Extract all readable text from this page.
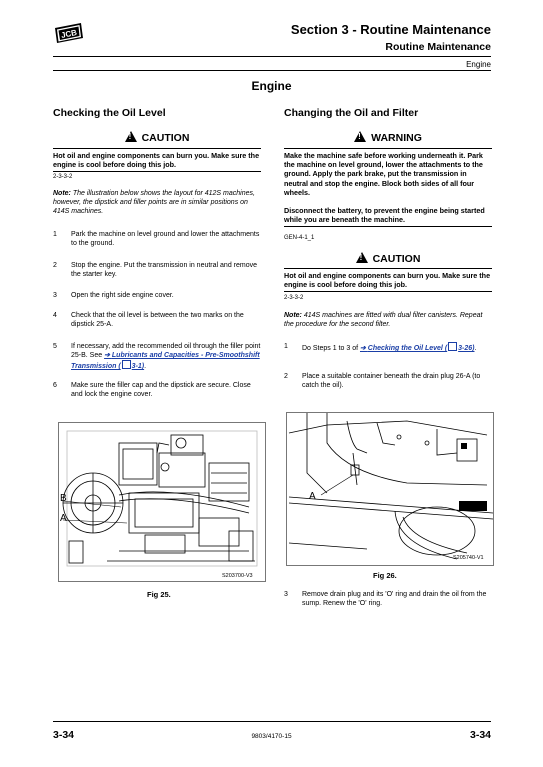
JCB	Section 3 - Routine Maintenance
Routine Maintenance
Engine
Engine
Checking the Oil Level
!CAUTION
Hot oil and engine components can burn you. Make sure the engine is cool before doing this job.
2-3-3-2
Note: The illustration below shows the layout for 412S machines, however, the dipstick and filler points are in similar positions on 414S machines.
1 Park the machine on level ground and lower the attachments to the ground.
2 Stop the engine. Put the transmission in neutral and remove the starter key.
3 Open the right side engine cover.
4 Check that the oil level is between the two marks on the dipstick 25-A.
5 If necessary, add the recommended oil through the filler point 25-B. See ➔ Lubricants and Capacities - Pre-Smoothshift Transmission ( 3-1).
6 Make sure the filler cap and the dipstick are secure. Close and lock the engine cover.
B
A
S203700-V3
Fig 25.
Changing the Oil and Filter
!WARNING
Make the machine safe before working underneath it. Park the machine on level ground, lower the attachments to the ground. Apply the park brake, put the transmission in neutral and stop the engine. Block both sides of all four wheels.
Disconnect the battery, to prevent the engine being started while you are beneath the machine.
GEN-4-1_1
!CAUTION
Hot oil and engine components can burn you. Make sure the engine is cool before doing this job.
2-3-3-2
Note: 414S machines are fitted with dual filter canisters. Repeat the procedure for the second filter.
1 Do Steps 1 to 3 of ➔ Checking the Oil Level ( 3-26).
2 Place a suitable container beneath the drain plug 26-A (to catch the oil).
A
S205740-V1
Fig 26.
3 Remove drain plug and its 'O' ring and drain the oil from the sump. Renew the 'O' ring.
3-34	9803/4170-15	3-34
